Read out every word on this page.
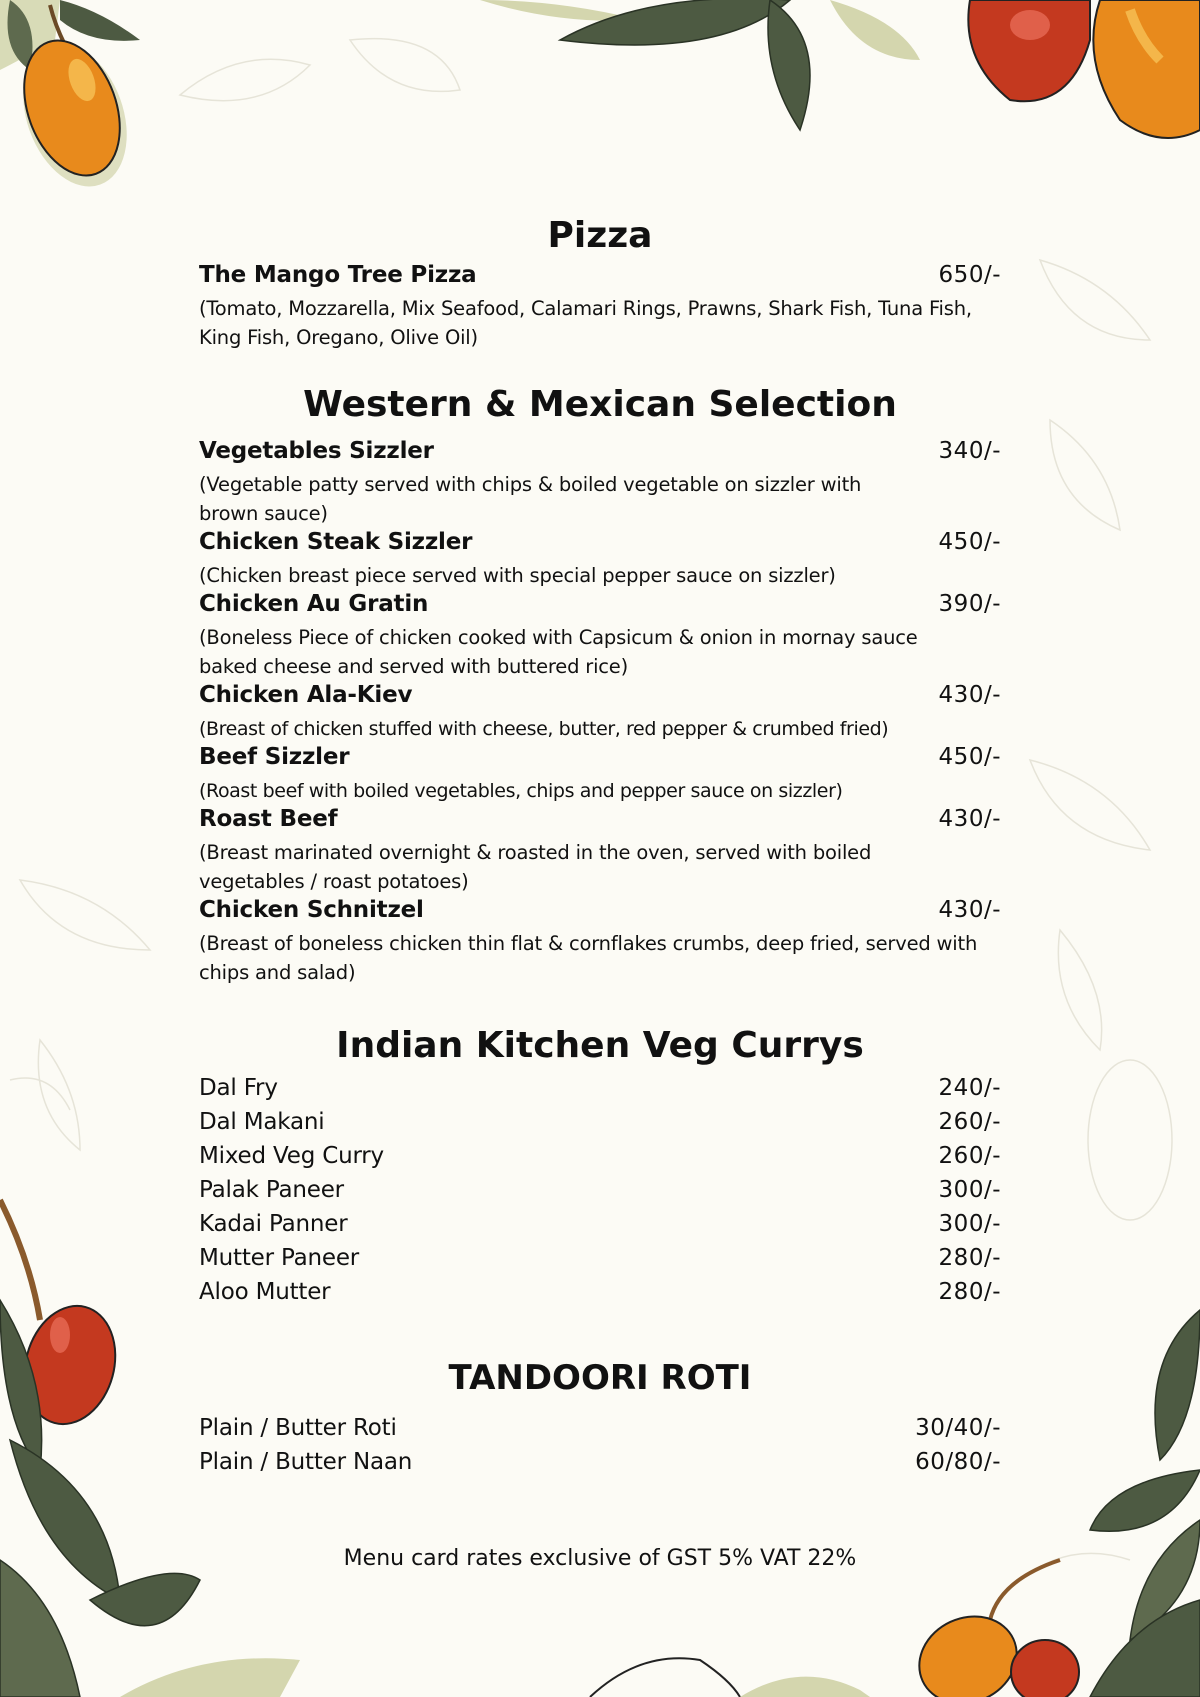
Pizza
The Mango Tree Pizza	650/-
(Tomato, Mozzarella, Mix Seafood, Calamari Rings, Prawns, Shark Fish, Tuna Fish, King Fish, Oregano, Olive Oil)
Western & Mexican Selection
Vegetables Sizzler	340/-
(Vegetable patty served with chips & boiled vegetable on sizzler with brown sauce)
Chicken Steak Sizzler	450/-
(Chicken breast piece served with special pepper sauce on sizzler)
Chicken Au Gratin	390/-
(Boneless Piece of chicken cooked with Capsicum & onion in mornay sauce baked cheese and served with buttered rice)
Chicken Ala-Kiev	430/-
(Breast of chicken stuffed with cheese, butter, red pepper & crumbed fried)
Beef Sizzler	450/-
(Roast beef with boiled vegetables, chips and pepper sauce on sizzler)
Roast Beef	430/-
(Breast marinated overnight & roasted in the oven, served with boiled vegetables / roast potatoes)
Chicken Schnitzel	430/-
(Breast of boneless chicken thin flat & cornflakes crumbs, deep fried, served with chips and salad)
Indian Kitchen Veg Currys
Dal Fry	240/-
Dal Makani	260/-
Mixed Veg Curry	260/-
Palak Paneer	300/-
Kadai Panner	300/-
Mutter Paneer	280/-
Aloo Mutter	280/-
TANDOORI ROTI
Plain / Butter Roti	30/40/-
Plain / Butter Naan	60/80/-
Menu card rates exclusive of GST 5% VAT 22%
